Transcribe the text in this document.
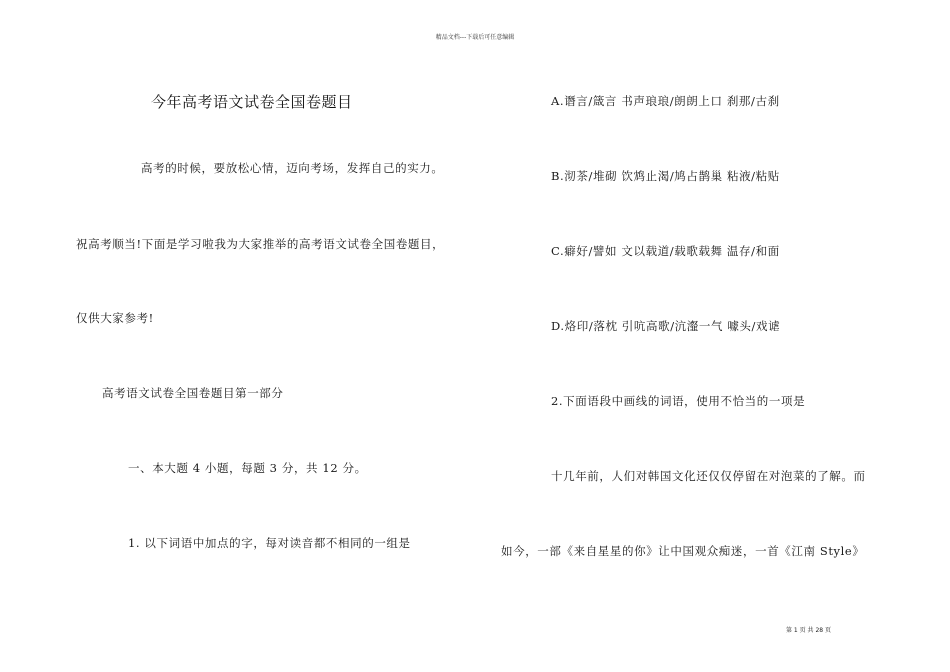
精品文档---下载后可任意编辑
今年高考语文试卷全国卷题目
高考的时候，要放松心情，迈向考场，发挥自己的实力。
祝高考顺当!下面是学习啦我为大家推举的高考语文试卷全国卷题目，
仅供大家参考!
高考语文试卷全国卷题目第一部分
一、本大题 4 小题，每题 3 分，共 12 分。
1. 以下词语中加点的字，每对读音都不相同的一组是
A.谮言/箴言 书声琅琅/朗朗上口 刹那/古刹
B.沏茶/堆砌 饮鸩止渴/鸠占鹊巢 粘液/粘贴
C.癖好/譬如 文以载道/载歌载舞 温存/和面
D.烙印/落枕 引吭高歌/沆瀣一气 噱头/戏谑
2.下面语段中画线的词语，使用不恰当的一项是
十几年前，人们对韩国文化还仅仅停留在对泡菜的了解。而
如今，一部《来自星星的你》让中国观众痴迷，一首《江南 Style》
第 1 页 共 28 页
